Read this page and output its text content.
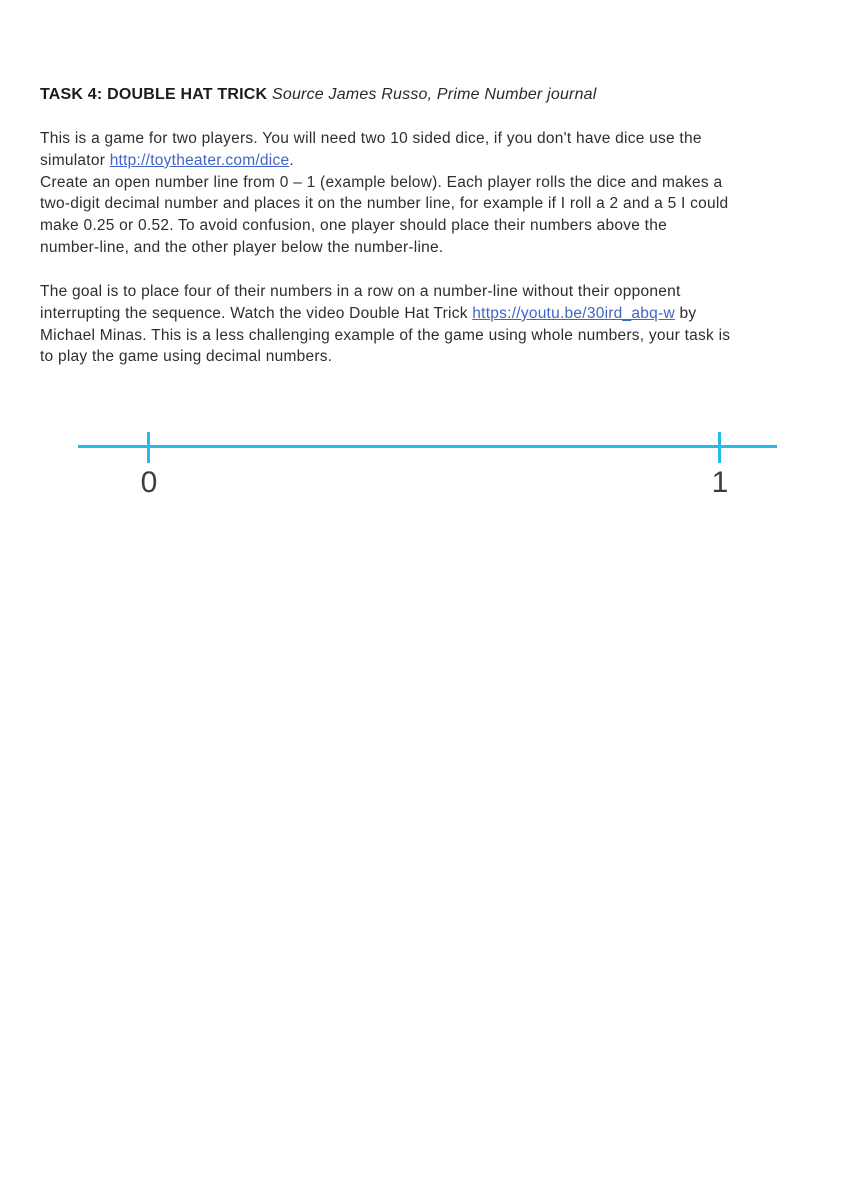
TASK 4: DOUBLE HAT TRICK Source James Russo, Prime Number journal
This is a game for two players. You will need two 10 sided dice, if you don't have dice use the
simulator http://toytheater.com/dice.
Create an open number line from 0 – 1 (example below). Each player rolls the dice and makes a
two-digit decimal number and places it on the number line, for example if I roll a 2 and a 5 I could
make 0.25 or 0.52. To avoid confusion, one player should place their numbers above the
number-line, and the other player below the number-line.
The goal is to place four of their numbers in a row on a number-line without their opponent
interrupting the sequence. Watch the video Double Hat Trick https://youtu.be/30ird_abq-w by
Michael Minas. This is a less challenging example of the game using whole numbers, your task is
to play the game using decimal numbers.
0	1
